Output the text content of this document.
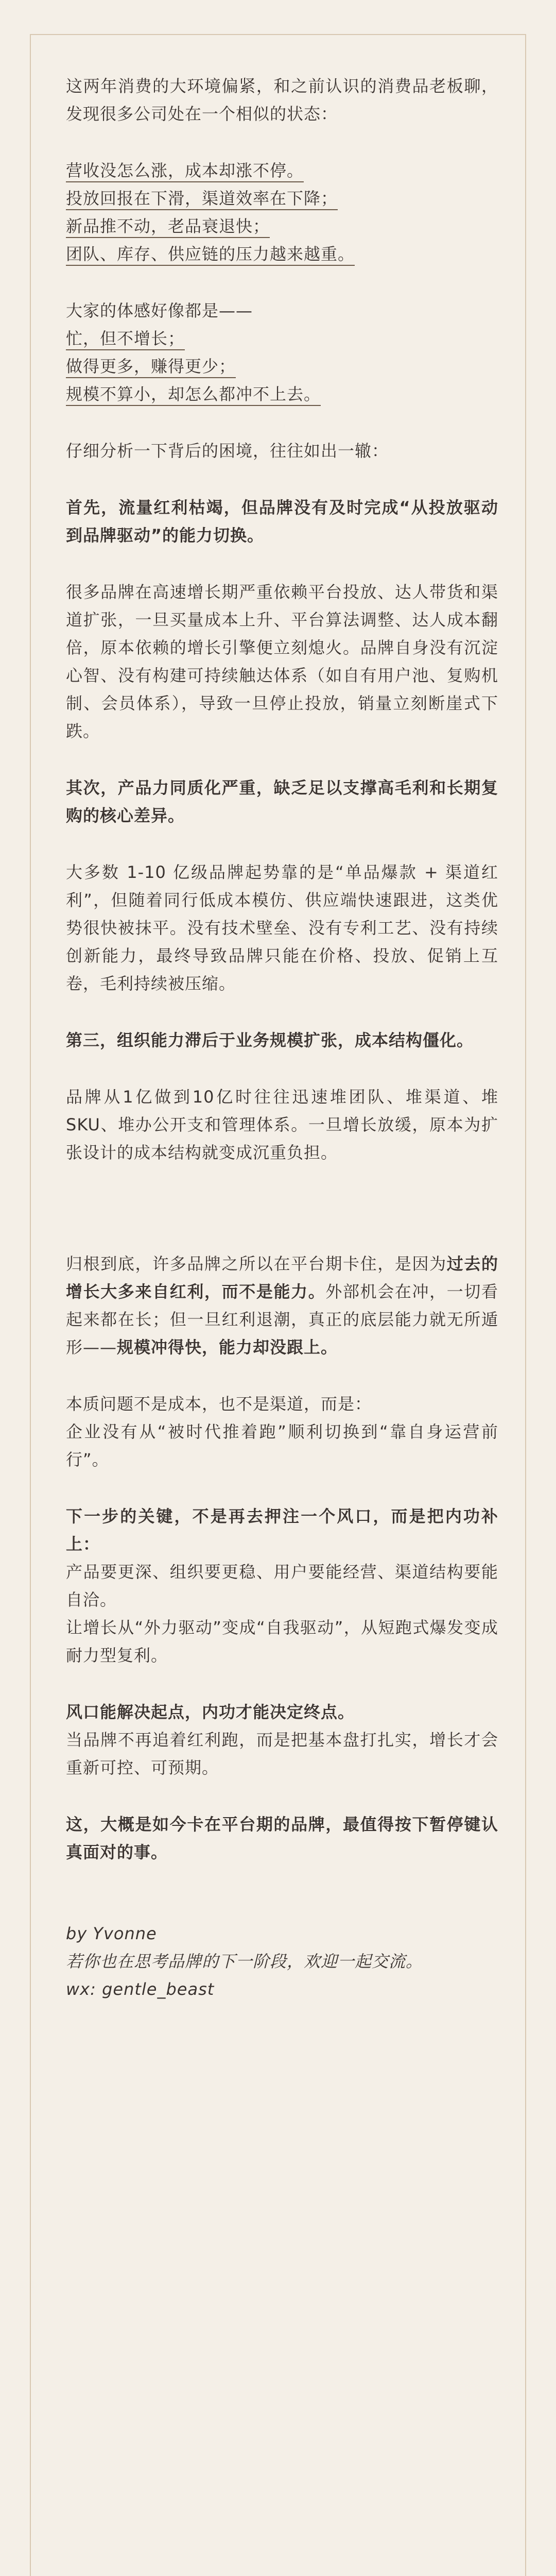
这两年消费的大环境偏紧，和之前认识的消费品老板聊，发现很多公司处在一个相似的状态：

营收没怎么涨，成本却涨不停。
投放回报在下滑，渠道效率在下降；
新品推不动，老品衰退快；
团队、库存、供应链的压力越来越重。
大家的体感好像都是——
忙，但不增长；
做得更多，赚得更少；
规模不算小，却怎么都冲不上去。

仔细分析一下背后的困境，往往如出一辙：

首先，流量红利枯竭，但品牌没有及时完成“从投放驱动到品牌驱动”的能力切换。

很多品牌在高速增长期严重依赖平台投放、达人带货和渠道扩张，一旦买量成本上升、平台算法调整、达人成本翻倍，原本依赖的增长引擎便立刻熄火。品牌自身没有沉淀心智、没有构建可持续触达体系（如自有用户池、复购机制、会员体系），导致一旦停止投放，销量立刻断崖式下跌。

其次，产品力同质化严重，缺乏足以支撑高毛利和长期复购的核心差异。

大多数 1-10 亿级品牌起势靠的是“单品爆款 + 渠道红利”，但随着同行低成本模仿、供应端快速跟进，这类优势很快被抹平。没有技术壁垒、没有专利工艺、没有持续创新能力，最终导致品牌只能在价格、投放、促销上互卷，毛利持续被压缩。

第三，组织能力滞后于业务规模扩张，成本结构僵化。

品牌从1亿做到10亿时往往迅速堆团队、堆渠道、堆SKU、堆办公开支和管理体系。一旦增长放缓，原本为扩张设计的成本结构就变成沉重负担。

归根到底，许多品牌之所以在平台期卡住，是因为过去的增长大多来自红利，而不是能力。外部机会在冲，一切看起来都在长；但一旦红利退潮，真正的底层能力就无所遁形——规模冲得快，能力却没跟上。

本质问题不是成本，也不是渠道，而是：
企业没有从“被时代推着跑”顺利切换到“靠自身运营前行”。
下一步的关键，不是再去押注一个风口，而是把内功补上：
产品要更深、组织要更稳、用户要能经营、渠道结构要能自洽。
让增长从“外力驱动”变成“自我驱动”，从短跑式爆发变成耐力型复利。
风口能解决起点，内功才能决定终点。
当品牌不再追着红利跑，而是把基本盘打扎实，增长才会重新可控、可预期。

这，大概是如今卡在平台期的品牌，最值得按下暂停键认真面对的事。

by Yvonne
若你也在思考品牌的下一阶段，欢迎一起交流。
wx: gentle_beast
